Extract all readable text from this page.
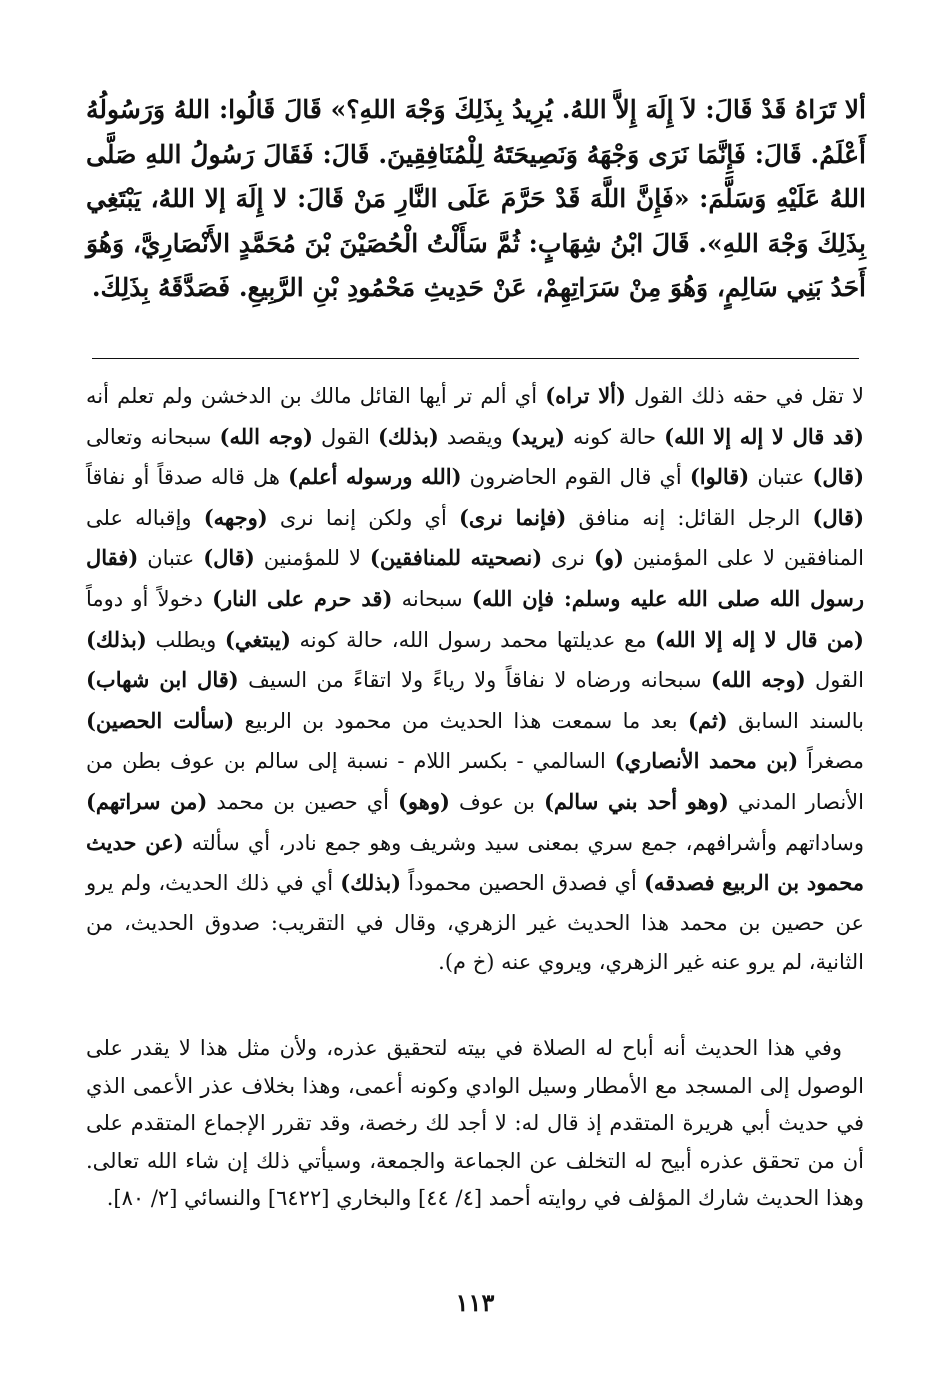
ألا تَرَاهُ قَدْ قَالَ: لاَ إِلَهَ إِلاَّ اللهُ. يُرِيدُ بِذَلِكَ وَجْهَ اللهِ؟» قَالَ قَالُوا: اللهُ وَرَسُولُهُ أَعْلَمُ. قَالَ: فَإِنَّمَا نَرَى وَجْهَهُ وَنَصِيحَتَهُ لِلْمُنَافِقِينَ. قَالَ: فَقَالَ رَسُولُ اللهِ صَلَّى اللهُ عَلَيْهِ وَسَلَّمَ: «فَإِنَّ اللَّهَ قَدْ حَرَّمَ عَلَى النَّارِ مَنْ قَالَ: لا إِلَهَ إلا اللهُ، يَبْتَغِي بِذَلِكَ وَجْهَ اللهِ». قَالَ ابْنُ شِهَابٍ: ثُمَّ سَأَلْتُ الْحُصَيْنَ بْنَ مُحَمَّدٍ الأَنْصَارِيَّ، وَهُوَ أَحَدُ بَنِي سَالِمٍ، وَهُوَ مِنْ سَرَاتِهِمْ، عَنْ حَدِيثِ مَحْمُودِ بْنِ الرَّبِيعِ. فَصَدَّقَهُ بِذَلِكَ.
لا تقل في حقه ذلك القول (ألا تراه) أي ألم تر أيها القائل مالك بن الدخشن ولم تعلم أنه (قد قال لا إله إلا الله) حالة كونه (يريد) ويقصد (بذلك) القول (وجه الله) سبحانه وتعالى (قال) عتبان (قالوا) أي قال القوم الحاضرون (الله ورسوله أعلم) هل قاله صدقاً أو نفاقاً (قال) الرجل القائل: إنه منافق (فإنما نرى) أي ولكن إنما نرى (وجهه) وإقباله على المنافقين لا على المؤمنين (و) نرى (نصحيته للمنافقين) لا للمؤمنين (قال) عتبان (فقال رسول الله صلى الله عليه وسلم: فإن الله) سبحانه (قد حرم على النار) دخولاً أو دوماً (من قال لا إله إلا الله) مع عديلتها محمد رسول الله، حالة كونه (يبتغي) ويطلب (بذلك) القول (وجه الله) سبحانه ورضاه لا نفاقاً ولا رياءً ولا اتقاءً من السيف (قال ابن شهاب) بالسند السابق (ثم) بعد ما سمعت هذا الحديث من محمود بن الربيع (سألت الحصين) مصغراً (بن محمد الأنصاري) السالمي - بكسر اللام - نسبة إلى سالم بن عوف بطن من الأنصار المدني (وهو أحد بني سالم) بن عوف (وهو) أي حصين بن محمد (من سراتهم) وساداتهم وأشرافهم، جمع سري بمعنى سيد وشريف وهو جمع نادر، أي سألته (عن حديث محمود بن الربيع فصدقه) أي فصدق الحصين محموداً (بذلك) أي في ذلك الحديث، ولم يرو عن حصين بن محمد هذا الحديث غير الزهري، وقال في التقريب: صدوق الحديث، من الثانية، لم يرو عنه غير الزهري، ويروي عنه (خ م).

وفي هذا الحديث أنه أباح له الصلاة في بيته لتحقيق عذره، ولأن مثل هذا لا يقدر على الوصول إلى المسجد مع الأمطار وسيل الوادي وكونه أعمى، وهذا بخلاف عذر الأعمى الذي في حديث أبي هريرة المتقدم إذ قال له: لا أجد لك رخصة، وقد تقرر الإجماع المتقدم على أن من تحقق عذره أبيح له التخلف عن الجماعة والجمعة، وسيأتي ذلك إن شاء الله تعالى. وهذا الحديث شارك المؤلف في روايته أحمد [٤/ ٤٤] والبخاري [٦٤٢٢] والنسائي [٢/ ٨٠].

١١٣
